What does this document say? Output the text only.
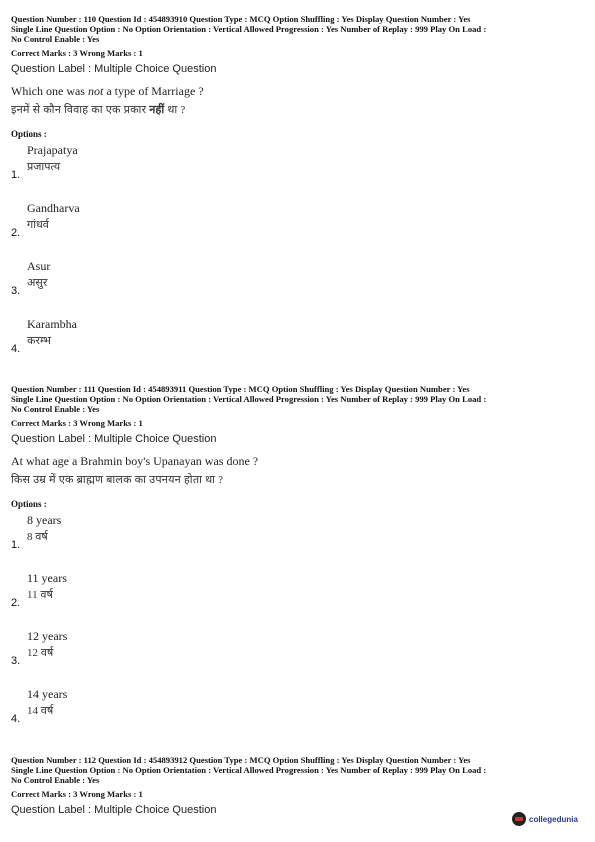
Question Number : 110 Question Id : 454893910 Question Type : MCQ Option Shuffling : Yes Display Question Number : Yes
Single Line Question Option : No Option Orientation : Vertical Allowed Progression : Yes Number of Replay : 999 Play On Load :
No Control Enable : Yes
Correct Marks : 3 Wrong Marks : 1
Question Label : Multiple Choice Question
Which one was not a type of Marriage ?
इनमें से कौन विवाह का एक प्रकार नहीं था ?
Options :
Prajapatya
प्रजापत्य
1.
Gandharva
गांधर्व
2.
Asur
असुर
3.
Karambha
करम्भ
4.
Question Number : 111 Question Id : 454893911 Question Type : MCQ Option Shuffling : Yes Display Question Number : Yes
Single Line Question Option : No Option Orientation : Vertical Allowed Progression : Yes Number of Replay : 999 Play On Load :
No Control Enable : Yes
Correct Marks : 3 Wrong Marks : 1
Question Label : Multiple Choice Question
At what age a Brahmin boy's Upanayan was done ?
किस उम्र में एक ब्राह्मण बालक का उपनयन होता था ?
Options :
8 years
8 वर्ष
1.
11 years
11 वर्ष
2.
12 years
12 वर्ष
3.
14 years
14 वर्ष
4.
Question Number : 112 Question Id : 454893912 Question Type : MCQ Option Shuffling : Yes Display Question Number : Yes
Single Line Question Option : No Option Orientation : Vertical Allowed Progression : Yes Number of Replay : 999 Play On Load :
No Control Enable : Yes
Correct Marks : 3 Wrong Marks : 1
Question Label : Multiple Choice Question
collegedunia
